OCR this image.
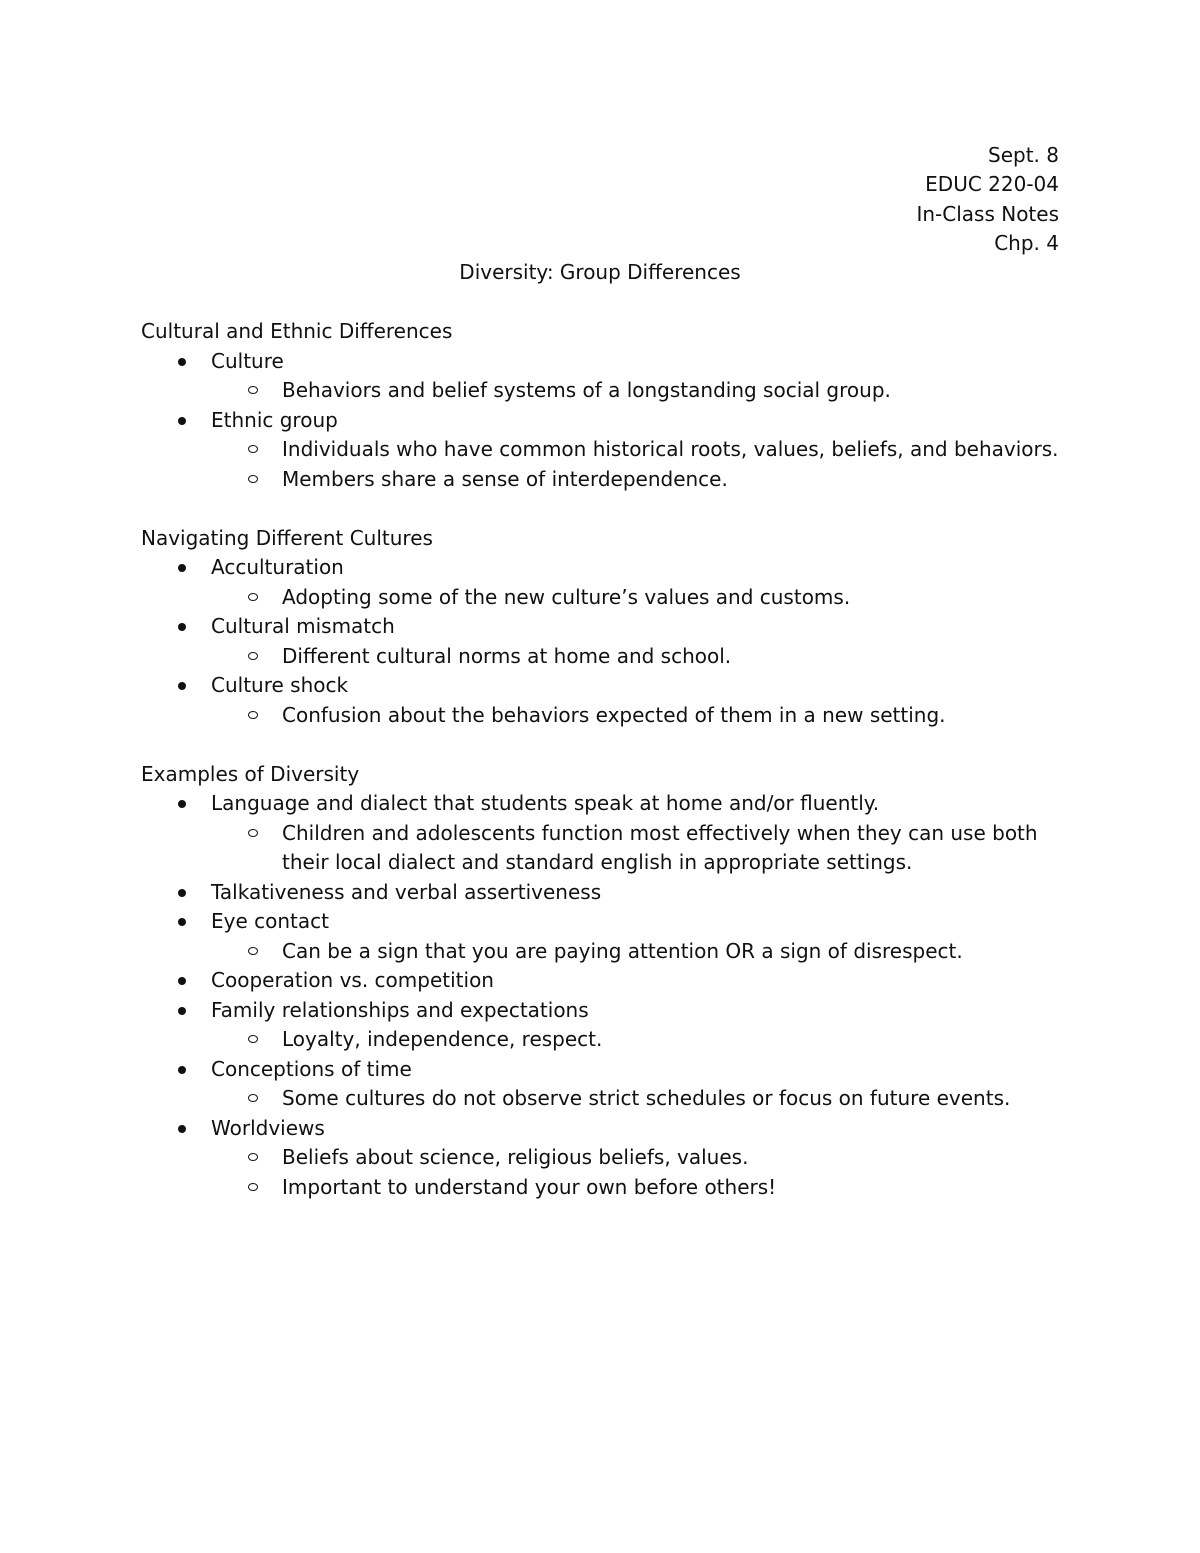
Sept. 8
EDUC 220-04
In-Class Notes
Chp. 4
Diversity: Group Differences
Cultural and Ethnic Differences
Culture
Behaviors and belief systems of a longstanding social group.
Ethnic group
Individuals who have common historical roots, values, beliefs, and behaviors.
Members share a sense of interdependence.
Navigating Different Cultures
Acculturation
Adopting some of the new culture’s values and customs.
Cultural mismatch
Different cultural norms at home and school.
Culture shock
Confusion about the behaviors expected of them in a new setting.
Examples of Diversity
Language and dialect that students speak at home and/or fluently.
Children and adolescents function most effectively when they can use both their local dialect and standard english in appropriate settings.
Talkativeness and verbal assertiveness
Eye contact
Can be a sign that you are paying attention OR a sign of disrespect.
Cooperation vs. competition
Family relationships and expectations
Loyalty, independence, respect.
Conceptions of time
Some cultures do not observe strict schedules or focus on future events.
Worldviews
Beliefs about science, religious beliefs, values.
Important to understand your own before others!
